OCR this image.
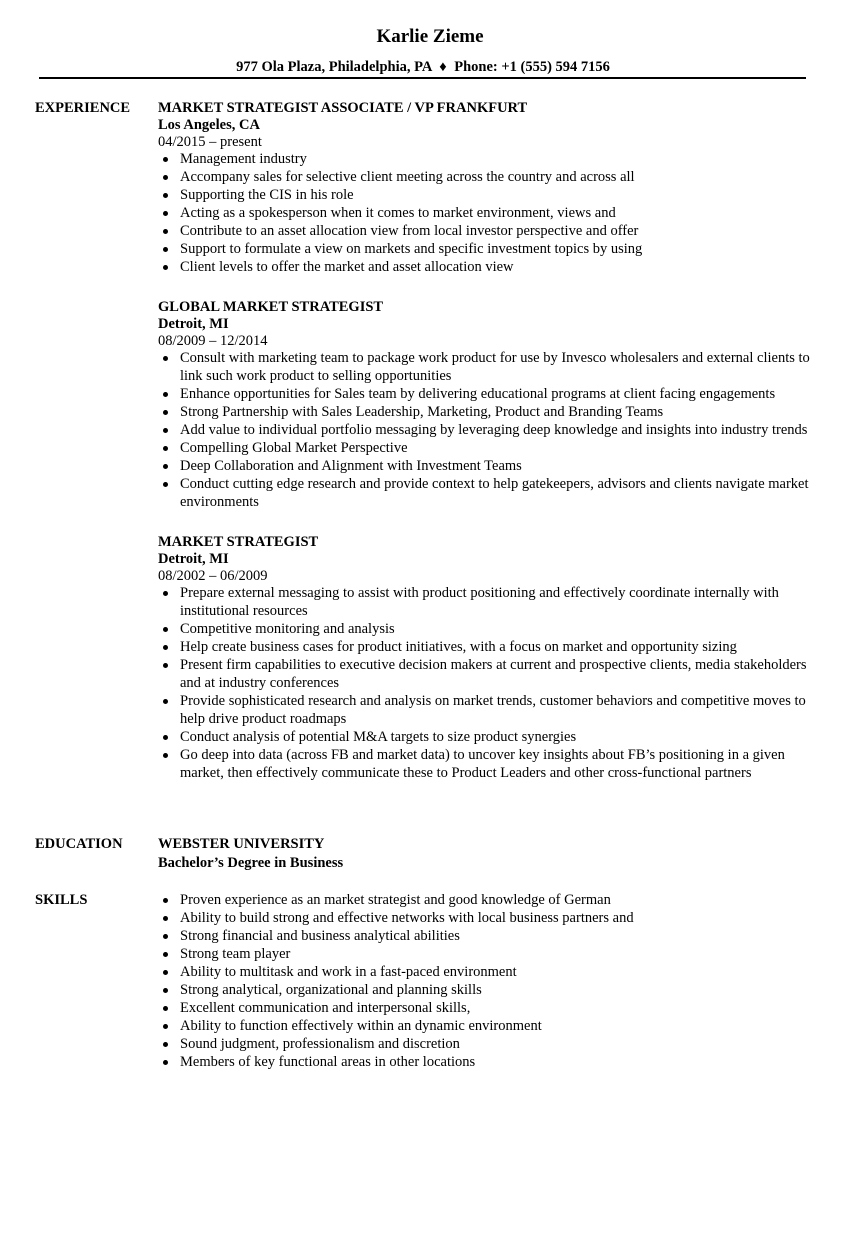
Karlie Zieme
977 Ola Plaza, Philadelphia, PA ♦ Phone: +1 (555) 594 7156
EXPERIENCE MARKET STRATEGIST ASSOCIATE / VP FRANKFURT
Los Angeles, CA
04/2015 – present
Management industry
Accompany sales for selective client meeting across the country and across all
Supporting the CIS in his role
Acting as a spokesperson when it comes to market environment, views and
Contribute to an asset allocation view from local investor perspective and offer
Support to formulate a view on markets and specific investment topics by using
Client levels to offer the market and asset allocation view
GLOBAL MARKET STRATEGIST
Detroit, MI
08/2009 – 12/2014
Consult with marketing team to package work product for use by Invesco wholesalers and external clients to link such work product to selling opportunities
Enhance opportunities for Sales team by delivering educational programs at client facing engagements
Strong Partnership with Sales Leadership, Marketing, Product and Branding Teams
Add value to individual portfolio messaging by leveraging deep knowledge and insights into industry trends
Compelling Global Market Perspective
Deep Collaboration and Alignment with Investment Teams
Conduct cutting edge research and provide context to help gatekeepers, advisors and clients navigate market environments
MARKET STRATEGIST
Detroit, MI
08/2002 – 06/2009
Prepare external messaging to assist with product positioning and effectively coordinate internally with institutional resources
Competitive monitoring and analysis
Help create business cases for product initiatives, with a focus on market and opportunity sizing
Present firm capabilities to executive decision makers at current and prospective clients, media stakeholders and at industry conferences
Provide sophisticated research and analysis on market trends, customer behaviors and competitive moves to help drive product roadmaps
Conduct analysis of potential M&A targets to size product synergies
Go deep into data (across FB and market data) to uncover key insights about FB’s positioning in a given market, then effectively communicate these to Product Leaders and other cross-functional partners
EDUCATION WEBSTER UNIVERSITY
Bachelor’s Degree in Business
SKILLS	Proven experience as an market strategist and good knowledge of German
Ability to build strong and effective networks with local business partners and
Strong financial and business analytical abilities
Strong team player
Ability to multitask and work in a fast-paced environment
Strong analytical, organizational and planning skills
Excellent communication and interpersonal skills,
Ability to function effectively within an dynamic environment
Sound judgment, professionalism and discretion
Members of key functional areas in other locations
